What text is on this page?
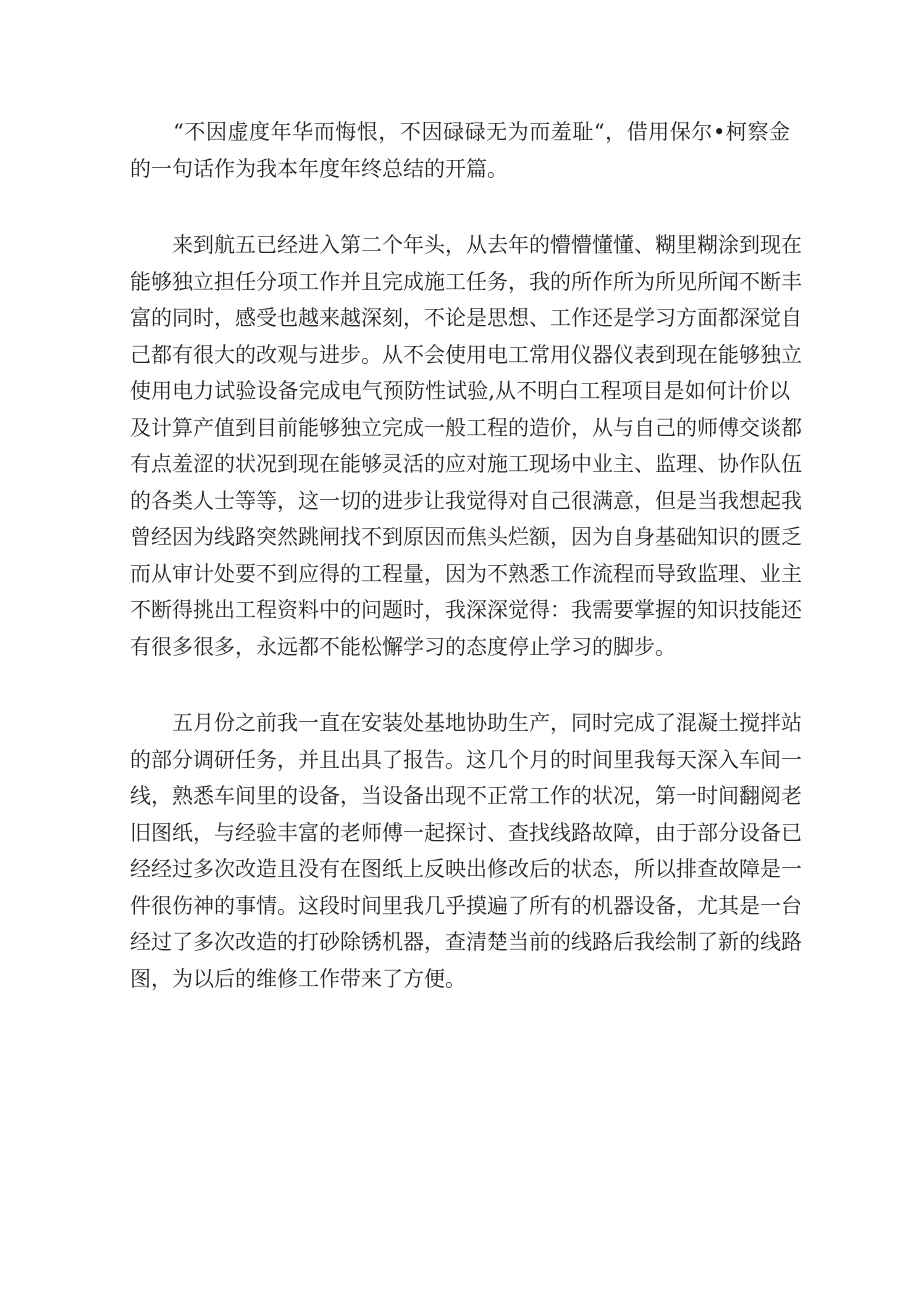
　　“不因虚度年华而悔恨，不因碌碌无为而羞耻“，借用保尔•柯察金
的一句话作为我本年度年终总结的开篇。
　　来到航五已经进入第二个年头，从去年的懵懵懂懂、糊里糊涂到现在
能够独立担任分项工作并且完成施工任务，我的所作所为所见所闻不断丰
富的同时，感受也越来越深刻，不论是思想、工作还是学习方面都深觉自
己都有很大的改观与进步。从不会使用电工常用仪器仪表到现在能够独立
使用电力试验设备完成电气预防性试验,从不明白工程项目是如何计价以
及计算产值到目前能够独立完成一般工程的造价，从与自己的师傅交谈都
有点羞涩的状况到现在能够灵活的应对施工现场中业主、监理、协作队伍
的各类人士等等，这一切的进步让我觉得对自己很满意，但是当我想起我
曾经因为线路突然跳闸找不到原因而焦头烂额，因为自身基础知识的匮乏
而从审计处要不到应得的工程量，因为不熟悉工作流程而导致监理、业主
不断得挑出工程资料中的问题时，我深深觉得：我需要掌握的知识技能还
有很多很多，永远都不能松懈学习的态度停止学习的脚步。
　　五月份之前我一直在安装处基地协助生产，同时完成了混凝土搅拌站
的部分调研任务，并且出具了报告。这几个月的时间里我每天深入车间一
线，熟悉车间里的设备，当设备出现不正常工作的状况，第一时间翻阅老
旧图纸，与经验丰富的老师傅一起探讨、查找线路故障，由于部分设备已
经经过多次改造且没有在图纸上反映出修改后的状态，所以排查故障是一
件很伤神的事情。这段时间里我几乎摸遍了所有的机器设备，尤其是一台
经过了多次改造的打砂除锈机器，查清楚当前的线路后我绘制了新的线路
图，为以后的维修工作带来了方便。
